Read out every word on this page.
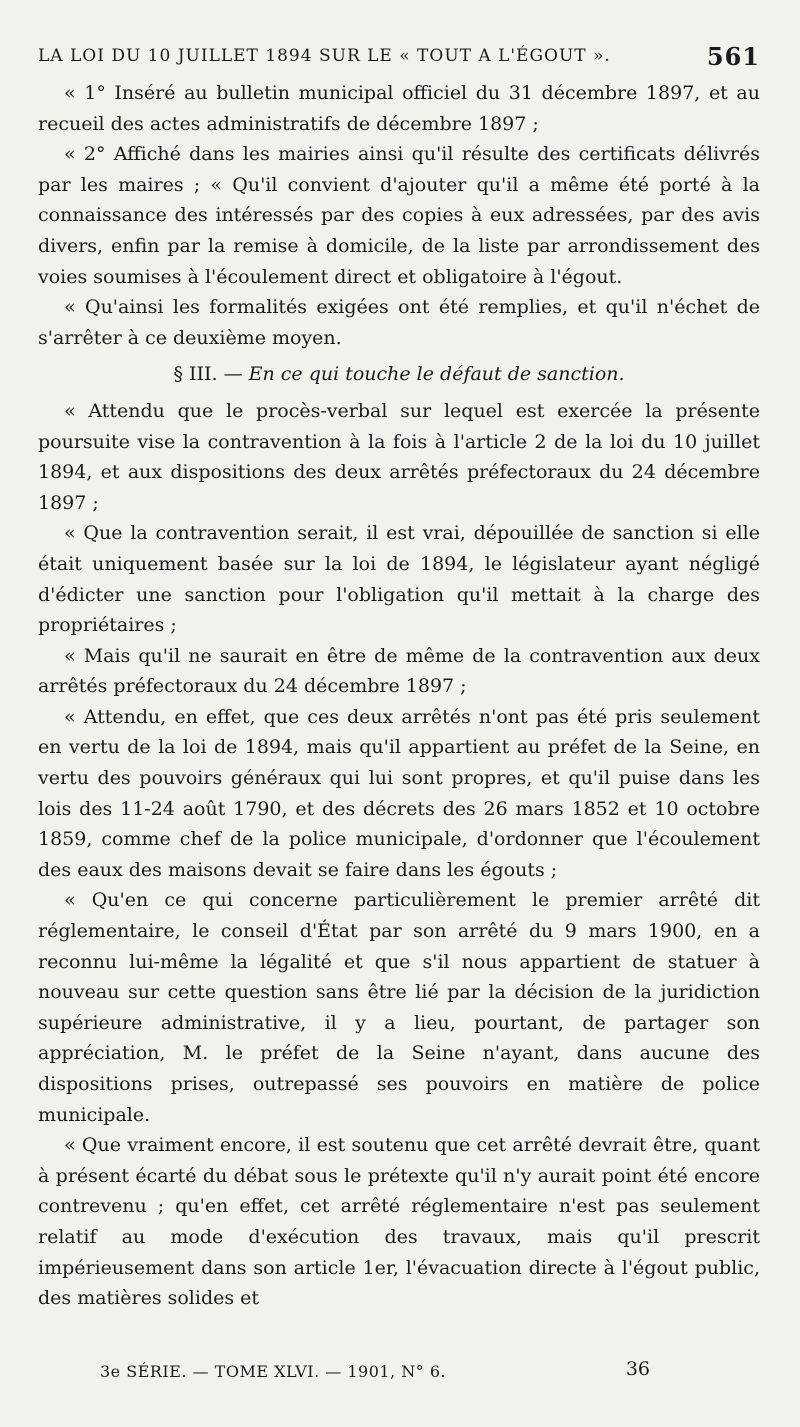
LA LOI DU 10 JUILLET 1894 SUR LE « TOUT A L'ÉGOUT ».	561

« 1° Inséré au bulletin municipal officiel du 31 décembre 1897, et au recueil des actes administratifs de décembre 1897 ;

« 2° Affiché dans les mairies ainsi qu'il résulte des certificats délivrés par les maires ; « Qu'il convient d'ajouter qu'il a même été porté à la connaissance des intéressés par des copies à eux adressées, par des avis divers, enfin par la remise à domicile, de la liste par arrondissement des voies soumises à l'écoulement direct et obligatoire à l'égout.

« Qu'ainsi les formalités exigées ont été remplies, et qu'il n'échet de s'arrêter à ce deuxième moyen.

§ III. — En ce qui touche le défaut de sanction.

« Attendu que le procès-verbal sur lequel est exercée la présente poursuite vise la contravention à la fois à l'article 2 de la loi du 10 juillet 1894, et aux dispositions des deux arrêtés préfectoraux du 24 décembre 1897 ;

« Que la contravention serait, il est vrai, dépouillée de sanction si elle était uniquement basée sur la loi de 1894, le législateur ayant négligé d'édicter une sanction pour l'obligation qu'il mettait à la charge des propriétaires ;

« Mais qu'il ne saurait en être de même de la contravention aux deux arrêtés préfectoraux du 24 décembre 1897 ;

« Attendu, en effet, que ces deux arrêtés n'ont pas été pris seulement en vertu de la loi de 1894, mais qu'il appartient au préfet de la Seine, en vertu des pouvoirs généraux qui lui sont propres, et qu'il puise dans les lois des 11-24 août 1790, et des décrets des 26 mars 1852 et 10 octobre 1859, comme chef de la police municipale, d'ordonner que l'écoulement des eaux des maisons devait se faire dans les égouts ;

« Qu'en ce qui concerne particulièrement le premier arrêté dit réglementaire, le conseil d'État par son arrêté du 9 mars 1900, en a reconnu lui-même la légalité et que s'il nous appartient de statuer à nouveau sur cette question sans être lié par la décision de la juridiction supérieure administrative, il y a lieu, pourtant, de partager son appréciation, M. le préfet de la Seine n'ayant, dans aucune des dispositions prises, outrepassé ses pouvoirs en matière de police municipale.

« Que vraiment encore, il est soutenu que cet arrêté devrait être, quant à présent écarté du débat sous le prétexte qu'il n'y aurait point été encore contrevenu ; qu'en effet, cet arrêté réglementaire n'est pas seulement relatif au mode d'exécution des travaux, mais qu'il prescrit impérieusement dans son article 1er, l'évacuation directe à l'égout public, des matières solides et

3e SÉRIE. — TOME XLVI. — 1901, N° 6.	36
